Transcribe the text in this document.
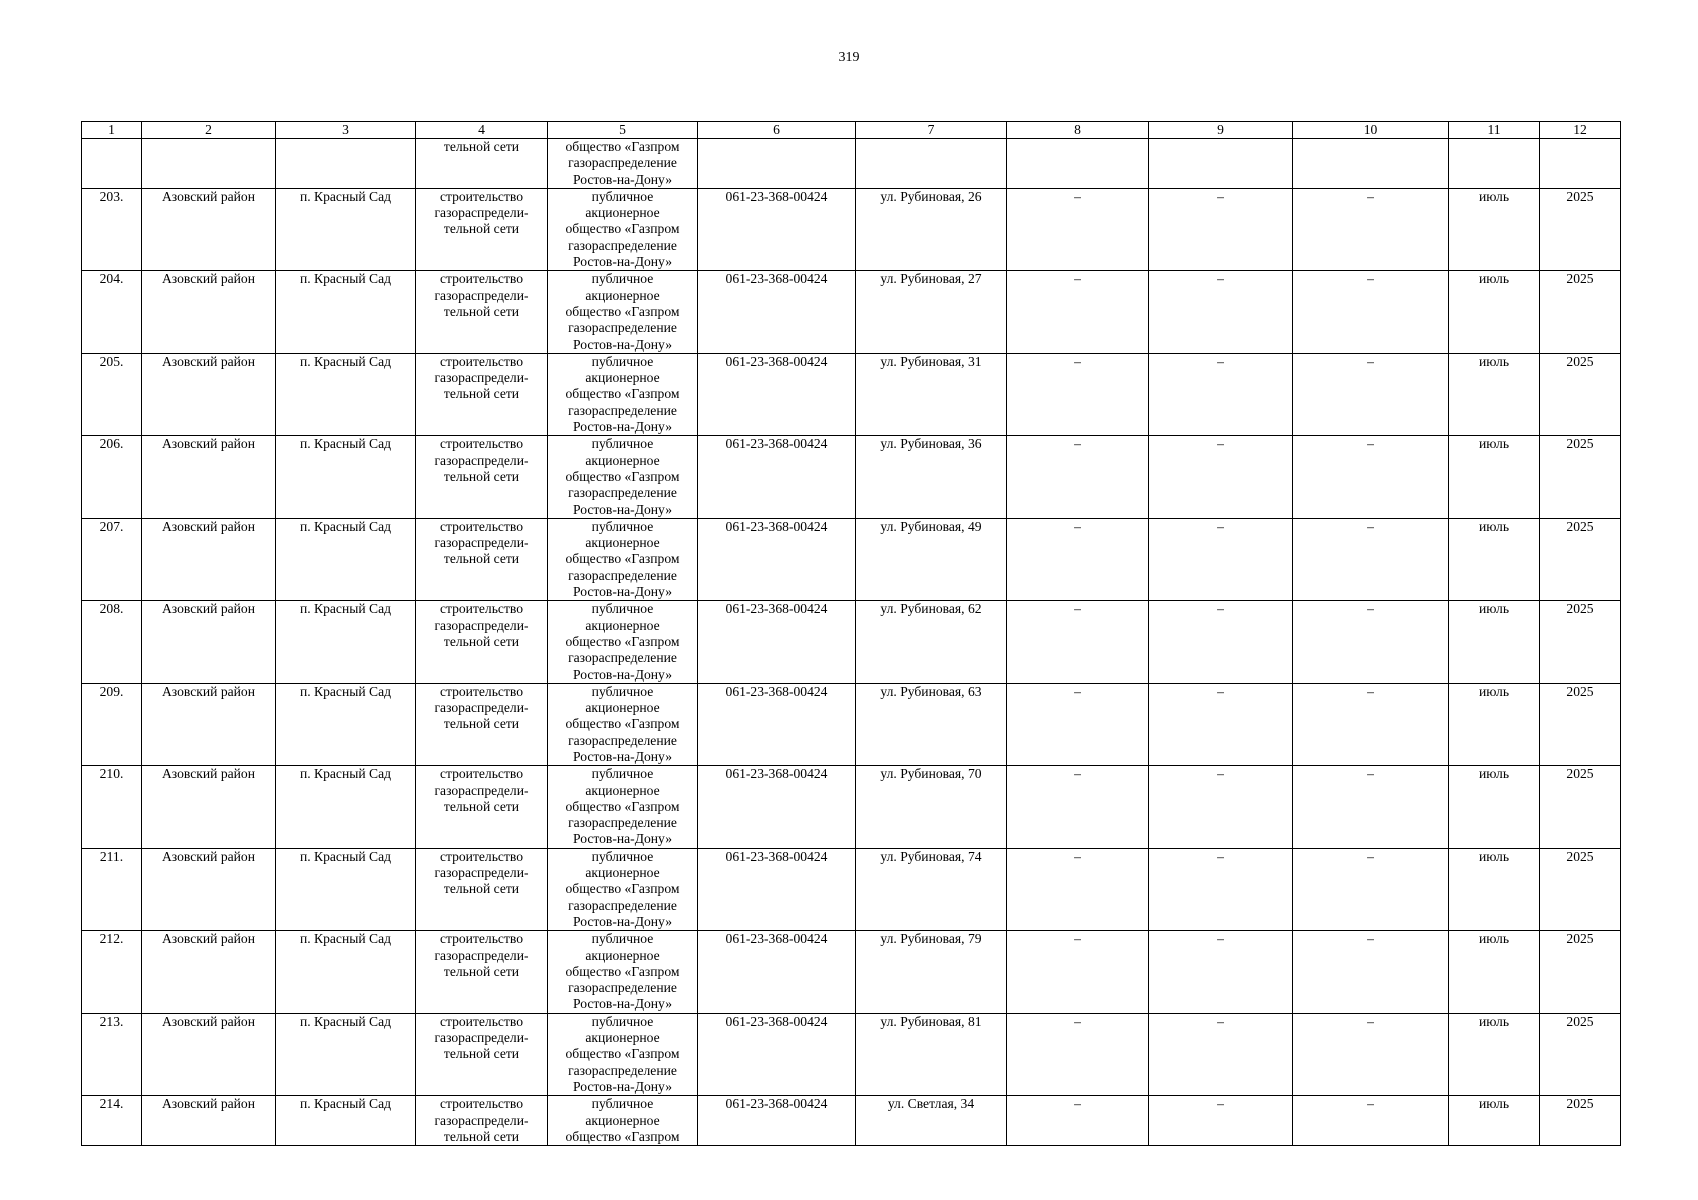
319
1	2	3	4	5	6	7	8	9	10	11	12
			тельной сети	общество «Газпром
газораспределение
Ростов-на-Дону»							
203.	Азовский район	п. Красный Сад	строительство
газораспредели-
тельной сети	публичное
акционерное
общество «Газпром
газораспределение
Ростов-на-Дону»	061-23-368-00424	ул. Рубиновая, 26	–	–	–	июль	2025
204.	Азовский район	п. Красный Сад	строительство
газораспредели-
тельной сети	публичное
акционерное
общество «Газпром
газораспределение
Ростов-на-Дону»	061-23-368-00424	ул. Рубиновая, 27	–	–	–	июль	2025
205.	Азовский район	п. Красный Сад	строительство
газораспредели-
тельной сети	публичное
акционерное
общество «Газпром
газораспределение
Ростов-на-Дону»	061-23-368-00424	ул. Рубиновая, 31	–	–	–	июль	2025
206.	Азовский район	п. Красный Сад	строительство
газораспредели-
тельной сети	публичное
акционерное
общество «Газпром
газораспределение
Ростов-на-Дону»	061-23-368-00424	ул. Рубиновая, 36	–	–	–	июль	2025
207.	Азовский район	п. Красный Сад	строительство
газораспредели-
тельной сети	публичное
акционерное
общество «Газпром
газораспределение
Ростов-на-Дону»	061-23-368-00424	ул. Рубиновая, 49	–	–	–	июль	2025
208.	Азовский район	п. Красный Сад	строительство
газораспредели-
тельной сети	публичное
акционерное
общество «Газпром
газораспределение
Ростов-на-Дону»	061-23-368-00424	ул. Рубиновая, 62	–	–	–	июль	2025
209.	Азовский район	п. Красный Сад	строительство
газораспредели-
тельной сети	публичное
акционерное
общество «Газпром
газораспределение
Ростов-на-Дону»	061-23-368-00424	ул. Рубиновая, 63	–	–	–	июль	2025
210.	Азовский район	п. Красный Сад	строительство
газораспредели-
тельной сети	публичное
акционерное
общество «Газпром
газораспределение
Ростов-на-Дону»	061-23-368-00424	ул. Рубиновая, 70	–	–	–	июль	2025
211.	Азовский район	п. Красный Сад	строительство
газораспредели-
тельной сети	публичное
акционерное
общество «Газпром
газораспределение
Ростов-на-Дону»	061-23-368-00424	ул. Рубиновая, 74	–	–	–	июль	2025
212.	Азовский район	п. Красный Сад	строительство
газораспредели-
тельной сети	публичное
акционерное
общество «Газпром
газораспределение
Ростов-на-Дону»	061-23-368-00424	ул. Рубиновая, 79	–	–	–	июль	2025
213.	Азовский район	п. Красный Сад	строительство
газораспредели-
тельной сети	публичное
акционерное
общество «Газпром
газораспределение
Ростов-на-Дону»	061-23-368-00424	ул. Рубиновая, 81	–	–	–	июль	2025
214.	Азовский район	п. Красный Сад	строительство
газораспредели-
тельной сети	публичное
акционерное
общество «Газпром	061-23-368-00424	ул. Светлая, 34	–	–	–	июль	2025
